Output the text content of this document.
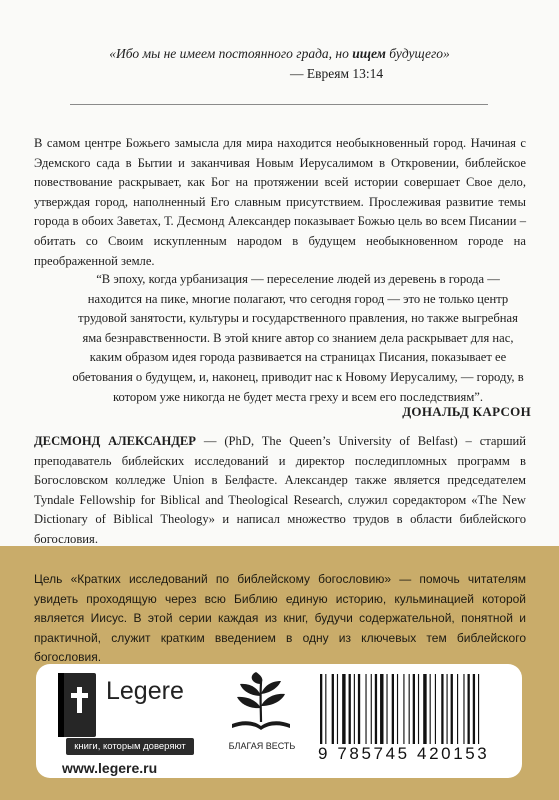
«Ибо мы не имеем постоянного града, но ищем будущего»
— Евреям 13:14

В самом центре Божьего замысла для мира находится необыкновенный город. Начиная с Эдемского сада в Бытии и заканчивая Новым Иерусалимом в Откровении, библейское повествование раскрывает, как Бог на протяжении всей истории совершает Свое дело, утверждая город, наполненный Его славным присутствием. Прослеживая развитие темы города в обоих Заветах, Т. Десмонд Александер показывает Божью цель во всем Писании – обитать со Своим искупленным народом в будущем необыкновенном городе на преображенной земле.

“В эпоху, когда урбанизация — переселение людей из деревень в города — находится на пике, многие полагают, что сегодня город — это не только центр трудовой занятости, культуры и государственного правления, но также выгребная яма безнравственности. В этой книге автор со знанием дела раскрывает для нас, каким образом идея города развивается на страницах Писания, показывает ее обетования о будущем, и, наконец, приводит нас к Новому Иерусалиму, — городу, в котором уже никогда не будет места греху и всем его последствиям”.

ДОНАЛЬД КАРСОН

ДЕСМОНД АЛЕКСАНДЕР — (PhD, The Queen’s University of Belfast) – старший преподаватель библейских исследований и директор последипломных программ в Богословском колледже Union в Белфасте. Александер также является председателем Tyndale Fellowship for Biblical and Theological Research, служил соредактором «The New Dictionary of Biblical Theology» и написал множество трудов в области библейского богословия.

Цель «Кратких исследований по библейскому богословию» — помочь читателям увидеть проходящую через всю Библию единую историю, кульминацией которой является Иисус. В этой серии каждая из книг, будучи содержательной, понятной и практичной, служит кратким введением в одну из ключевых тем библейского богословия.

Legere
книги, которым доверяют
www.legere.ru
БЛАГАЯ ВЕСТЬ	9 785745 420153
